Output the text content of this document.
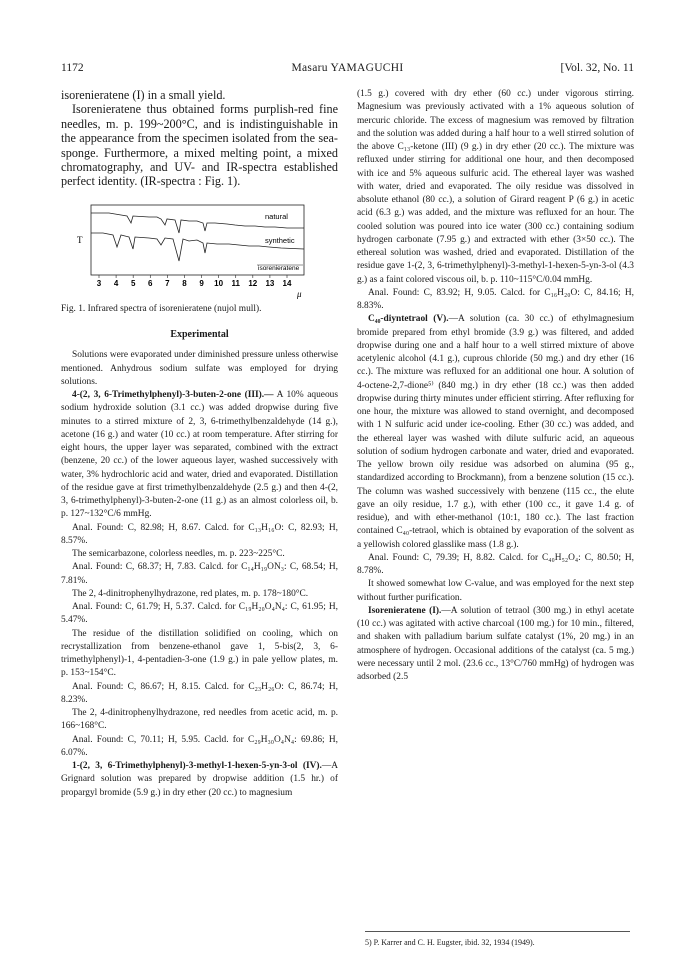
1172	Masaru YAMAGUCHI	[Vol. 32, No. 11

isorenieratene (I) in a small yield.

Isorenieratene thus obtained forms purplish-red fine needles, m. p. 199~200°C, and is indistinguishable in the appearance from the specimen isolated from the sea-sponge. Furthermore, a mixed melting point, a mixed chromatography, and UV- and IR-spectra established perfect identity. (IR-spectra : Fig. 1).

T
natural
synthetic
isorenieratene
3 4 5 6 7 8 9 10 11 12 13 14
μ

Fig. 1. Infrared spectra of isorenieratene (nujol mull).

Experimental

Solutions were evaporated under diminished pressure unless otherwise mentioned. Anhydrous sodium sulfate was employed for drying solutions.

4-(2, 3, 6-Trimethylphenyl)-3-buten-2-one (III).— A 10% aqueous sodium hydroxide solution (3.1 cc.) was added dropwise during five minutes to a stirred mixture of 2, 3, 6-trimethylbenzaldehyde (14 g.), acetone (16 g.) and water (10 cc.) at room temperature. After stirring for eight hours, the upper layer was separated, combined with the extract (benzene, 20 cc.) of the lower aqueous layer, washed successively with water, 3% hydrochloric acid and water, dried and evaporated. Distillation of the residue gave at first trimethylbenzaldehyde (2.5 g.) and then 4-(2, 3, 6-trimethylphenyl)-3-buten-2-one (11 g.) as an almost colorless oil, b. p. 127~132°C/6 mmHg.

Anal. Found: C, 82.98; H, 8.67. Calcd. for C₁₃H₁₆O: C, 82.93; H, 8.57%.

The semicarbazone, colorless needles, m. p. 223~225°C.

Anal. Found: C, 68.37; H, 7.83. Calcd. for C₁₄H₁₉ON₃: C, 68.54; H, 7.81%.

The 2, 4-dinitrophenylhydrazone, red plates, m. p. 178~180°C.

Anal. Found: C, 61.79; H, 5.37. Calcd. for C₁₉H₂₀O₄N₄: C, 61.95; H, 5.47%.

The residue of the distillation solidified on cooling, which on recrystallization from benzene-ethanol gave 1, 5-bis(2, 3, 6-trimethylphenyl)-1, 4-pentadien-3-one (1.9 g.) in pale yellow plates, m. p. 153~154°C.

Anal. Found: C, 86.67; H, 8.15. Calcd. for C₂₃H₂₆O: C, 86.74; H, 8.23%.

The 2, 4-dinitrophenylhydrazone, red needles from acetic acid, m. p. 166~168°C.

Anal. Found: C, 70.11; H, 5.95. Cacld. for C₂₉H₃₀O₄N₄: 69.86; H, 6.07%.

1-(2, 3, 6-Trimethylphenyl)-3-methyl-1-hexen-5-yn-3-ol (IV).—A Grignard solution was prepared by dropwise addition (1.5 hr.) of propargyl bromide (5.9 g.) in dry ether (20 cc.) to magnesium

(1.5 g.) covered with dry ether (60 cc.) under vigorous stirring. Magnesium was previously activated with a 1% aqueous solution of mercuric chloride. The excess of magnesium was removed by filtration and the solution was added during a half hour to a well stirred solution of the above C₁₃-ketone (III) (9 g.) in dry ether (20 cc.). The mixture was refluxed under stirring for additional one hour, and then decomposed with ice and 5% aqueous sulfuric acid. The ethereal layer was washed with water, dried and evaporated. The oily residue was dissolved in absolute ethanol (80 cc.), a solution of Girard reagent P (6 g.) in acetic acid (6.3 g.) was added, and the mixture was refluxed for an hour. The cooled solution was poured into ice water (300 cc.) containing sodium hydrogen carbonate (7.95 g.) and extracted with ether (3×50 cc.). The ethereal solution was washed, dried and evaporated. Distillation of the residue gave 1-(2, 3, 6-trimethylphenyl)-3-methyl-1-hexen-5-yn-3-ol (4.3 g.) as a faint colored viscous oil, b. p. 110~115°C/0.04 mmHg.

Anal. Found: C, 83.92; H, 9.05. Calcd. for C₁₆H₂₀O: C, 84.16; H, 8.83%.

C₄₀-diyntetraol (V).—A solution (ca. 30 cc.) of ethylmagnesium bromide prepared from ethyl bromide (3.9 g.) was filtered, and added dropwise during one and a half hour to a well stirred mixture of above acetylenic alcohol (4.1 g.), cuprous chloride (50 mg.) and dry ether (16 cc.). The mixture was refluxed for an additional one hour. A solution of 4-octene-2,7-dione⁵⁾ (840 mg.) in dry ether (18 cc.) was then added dropwise during thirty minutes under efficient stirring. After refluxing for one hour, the mixture was allowed to stand overnight, and decomposed with 1 N sulfuric acid under ice-cooling. Ether (30 cc.) was added, and the ethereal layer was washed with dilute sulfuric acid, an aqueous solution of sodium hydrogen carbonate and water, dried and evaporated. The yellow brown oily residue was adsorbed on alumina (95 g., standardized according to Brockmann), from a benzene solution (15 cc.). The column was washed successively with benzene (115 cc., the elute gave an oily residue, 1.7 g.), with ether (100 cc., it gave 1.4 g. of residue), and with ether-methanol (10:1, 180 cc.). The last fraction contained C₄₀-tetraol, which is obtained by evaporation of the solvent as a yellowish colored glasslike mass (1.8 g.).

Anal. Found: C, 79.39; H, 8.82. Calcd. for C₄₀H₅₂O₄: C, 80.50; H, 8.78%.

It showed somewhat low C-value, and was employed for the next step without further purification.

Isorenieratene (I).—A solution of tetraol (300 mg.) in ethyl acetate (10 cc.) was agitated with active charcoal (100 mg.) for 10 min., filtered, and shaken with palladium barium sulfate catalyst (1%, 20 mg.) in an atmosphere of hydrogen. Occasional additions of the catalyst (ca. 5 mg.) were necessary until 2 mol. (23.6 cc., 13°C/760 mmHg) of hydrogen was adsorbed (2.5

5) P. Karrer and C. H. Eugster, ibid. 32, 1934 (1949).
